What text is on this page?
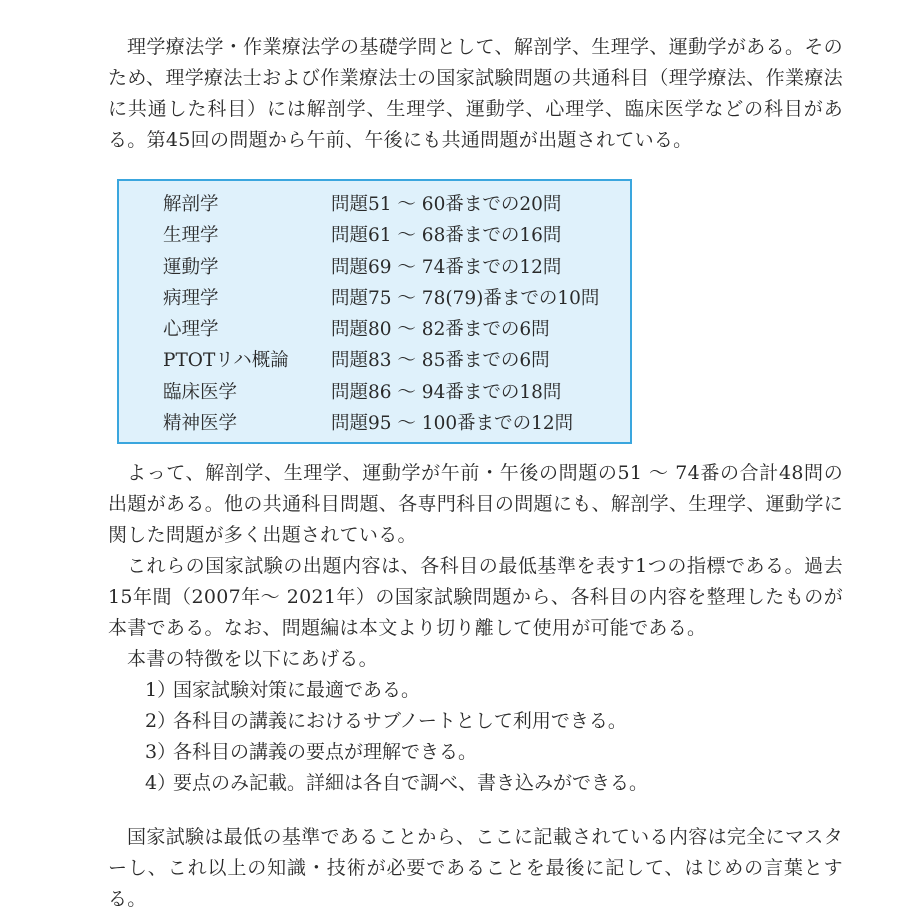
理学療法学・作業療法学の基礎学問として、解剖学、生理学、運動学がある。そのため、理学療法士および作業療法士の国家試験問題の共通科目（理学療法、作業療法に共通した科目）には解剖学、生理学、運動学、心理学、臨床医学などの科目がある。第45回の問題から午前、午後にも共通問題が出題されている。

解剖学	問題51 ～ 60番までの20問
生理学	問題61 ～ 68番までの16問
運動学	問題69 ～ 74番までの12問
病理学	問題75 ～ 78(79)番までの10問
心理学	問題80 ～ 82番までの6問
PTOTリハ概論	問題83 ～ 85番までの6問
臨床医学	問題86 ～ 94番までの18問
精神医学	問題95 ～ 100番までの12問

よって、解剖学、生理学、運動学が午前・午後の問題の51 ～ 74番の合計48問の出題がある。他の共通科目問題、各専門科目の問題にも、解剖学、生理学、運動学に関した問題が多く出題されている。

これらの国家試験の出題内容は、各科目の最低基準を表す1つの指標である。過去15年間（2007年～ 2021年）の国家試験問題から、各科目の内容を整理したものが本書である。なお、問題編は本文より切り離して使用が可能である。

本書の特徴を以下にあげる。

1）
国家試験対策に最適である。
2）
各科目の講義におけるサブノートとして利用できる。
3）
各科目の講義の要点が理解できる。
4）
要点のみ記載。詳細は各自で調べ、書き込みができる。

国家試験は最低の基準であることから、ここに記載されている内容は完全にマスターし、これ以上の知識・技術が必要であることを最後に記して、はじめの言葉とする。
